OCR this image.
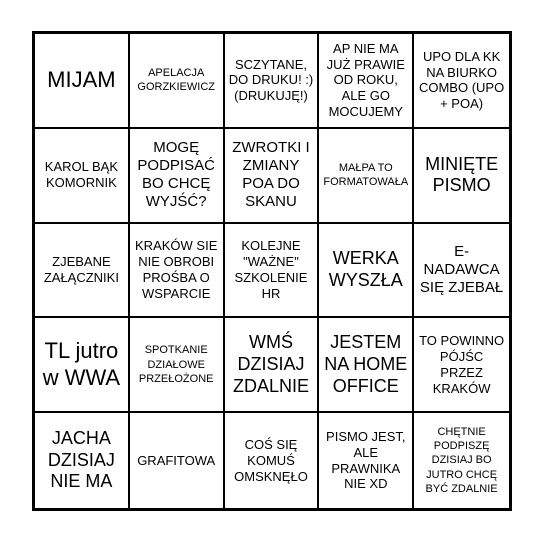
MIJAM	APELACJA GORZKIEWICZ
SCZYTANE, DO DRUKU! :) (DRUKUJĘ!)
AP NIE MA JUŻ PRAWIE OD ROKU, ALE GO MOCUJEMY
UPO DLA KK NA BIURKO COMBO (UPO + POA)
KAROL BĄK KOMORNIK
MOGĘ PODPISAĆ BO CHCĘ WYJŚĆ?
ZWROTKI I ZMIANY POA DO SKANU
MAŁPA TO FORMATOWAŁA
MINIĘTE PISMO
ZJEBANE ZAŁĄCZNIKI
KRAKÓW SIE NIE OBROBI PROŚBA O WSPARCIE
KOLEJNE "WAŻNE" SZKOLENIE HR
WERKA WYSZŁA
E-NADAWCA SIĘ ZJEBAŁ
TL jutro w WWA
SPOTKANIE DZIAŁOWE PRZEŁOŻONE
WMŚ DZISIAJ ZDALNIE
JESTEM NA HOME OFFICE
TO POWINNO PÓJŚC PRZEZ KRAKÓW
JACHA DZISIAJ NIE MA
GRAFITOWA
COŚ SIĘ KOMUŚ OMSKNĘŁO
PISMO JEST, ALE PRAWNIKA NIE XD
CHĘTNIE PODPISZĘ DZISIAJ BO JUTRO CHCĘ BYĆ ZDALNIE
